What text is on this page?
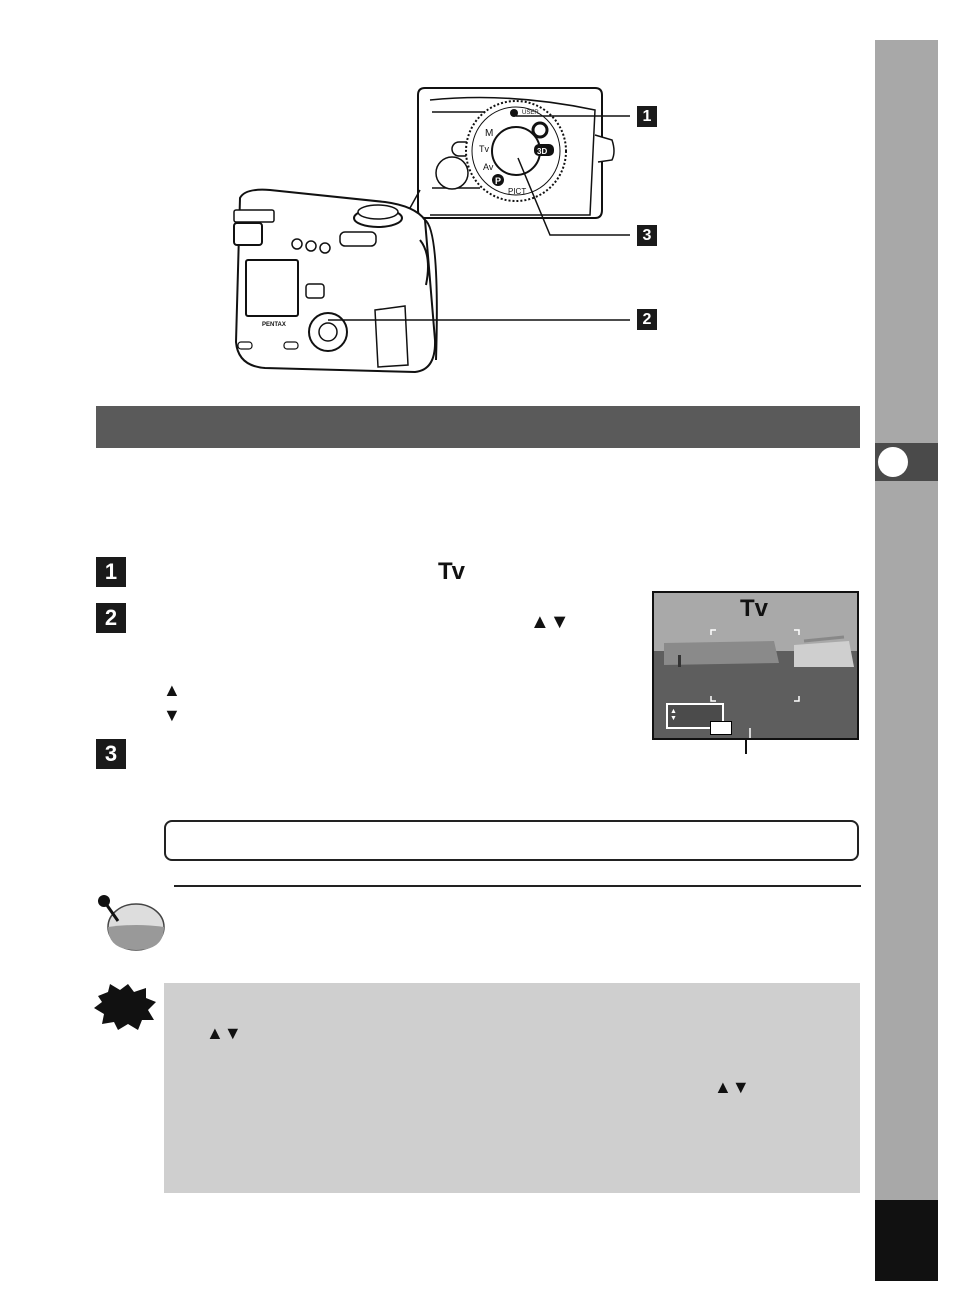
M
Tv
Av
P
PICT
3D
USER
PENTAX
1
2
3
1	Tv
2	▲▼
▲
▼
3
Tv
▲
▼
▲▼
▲▼
